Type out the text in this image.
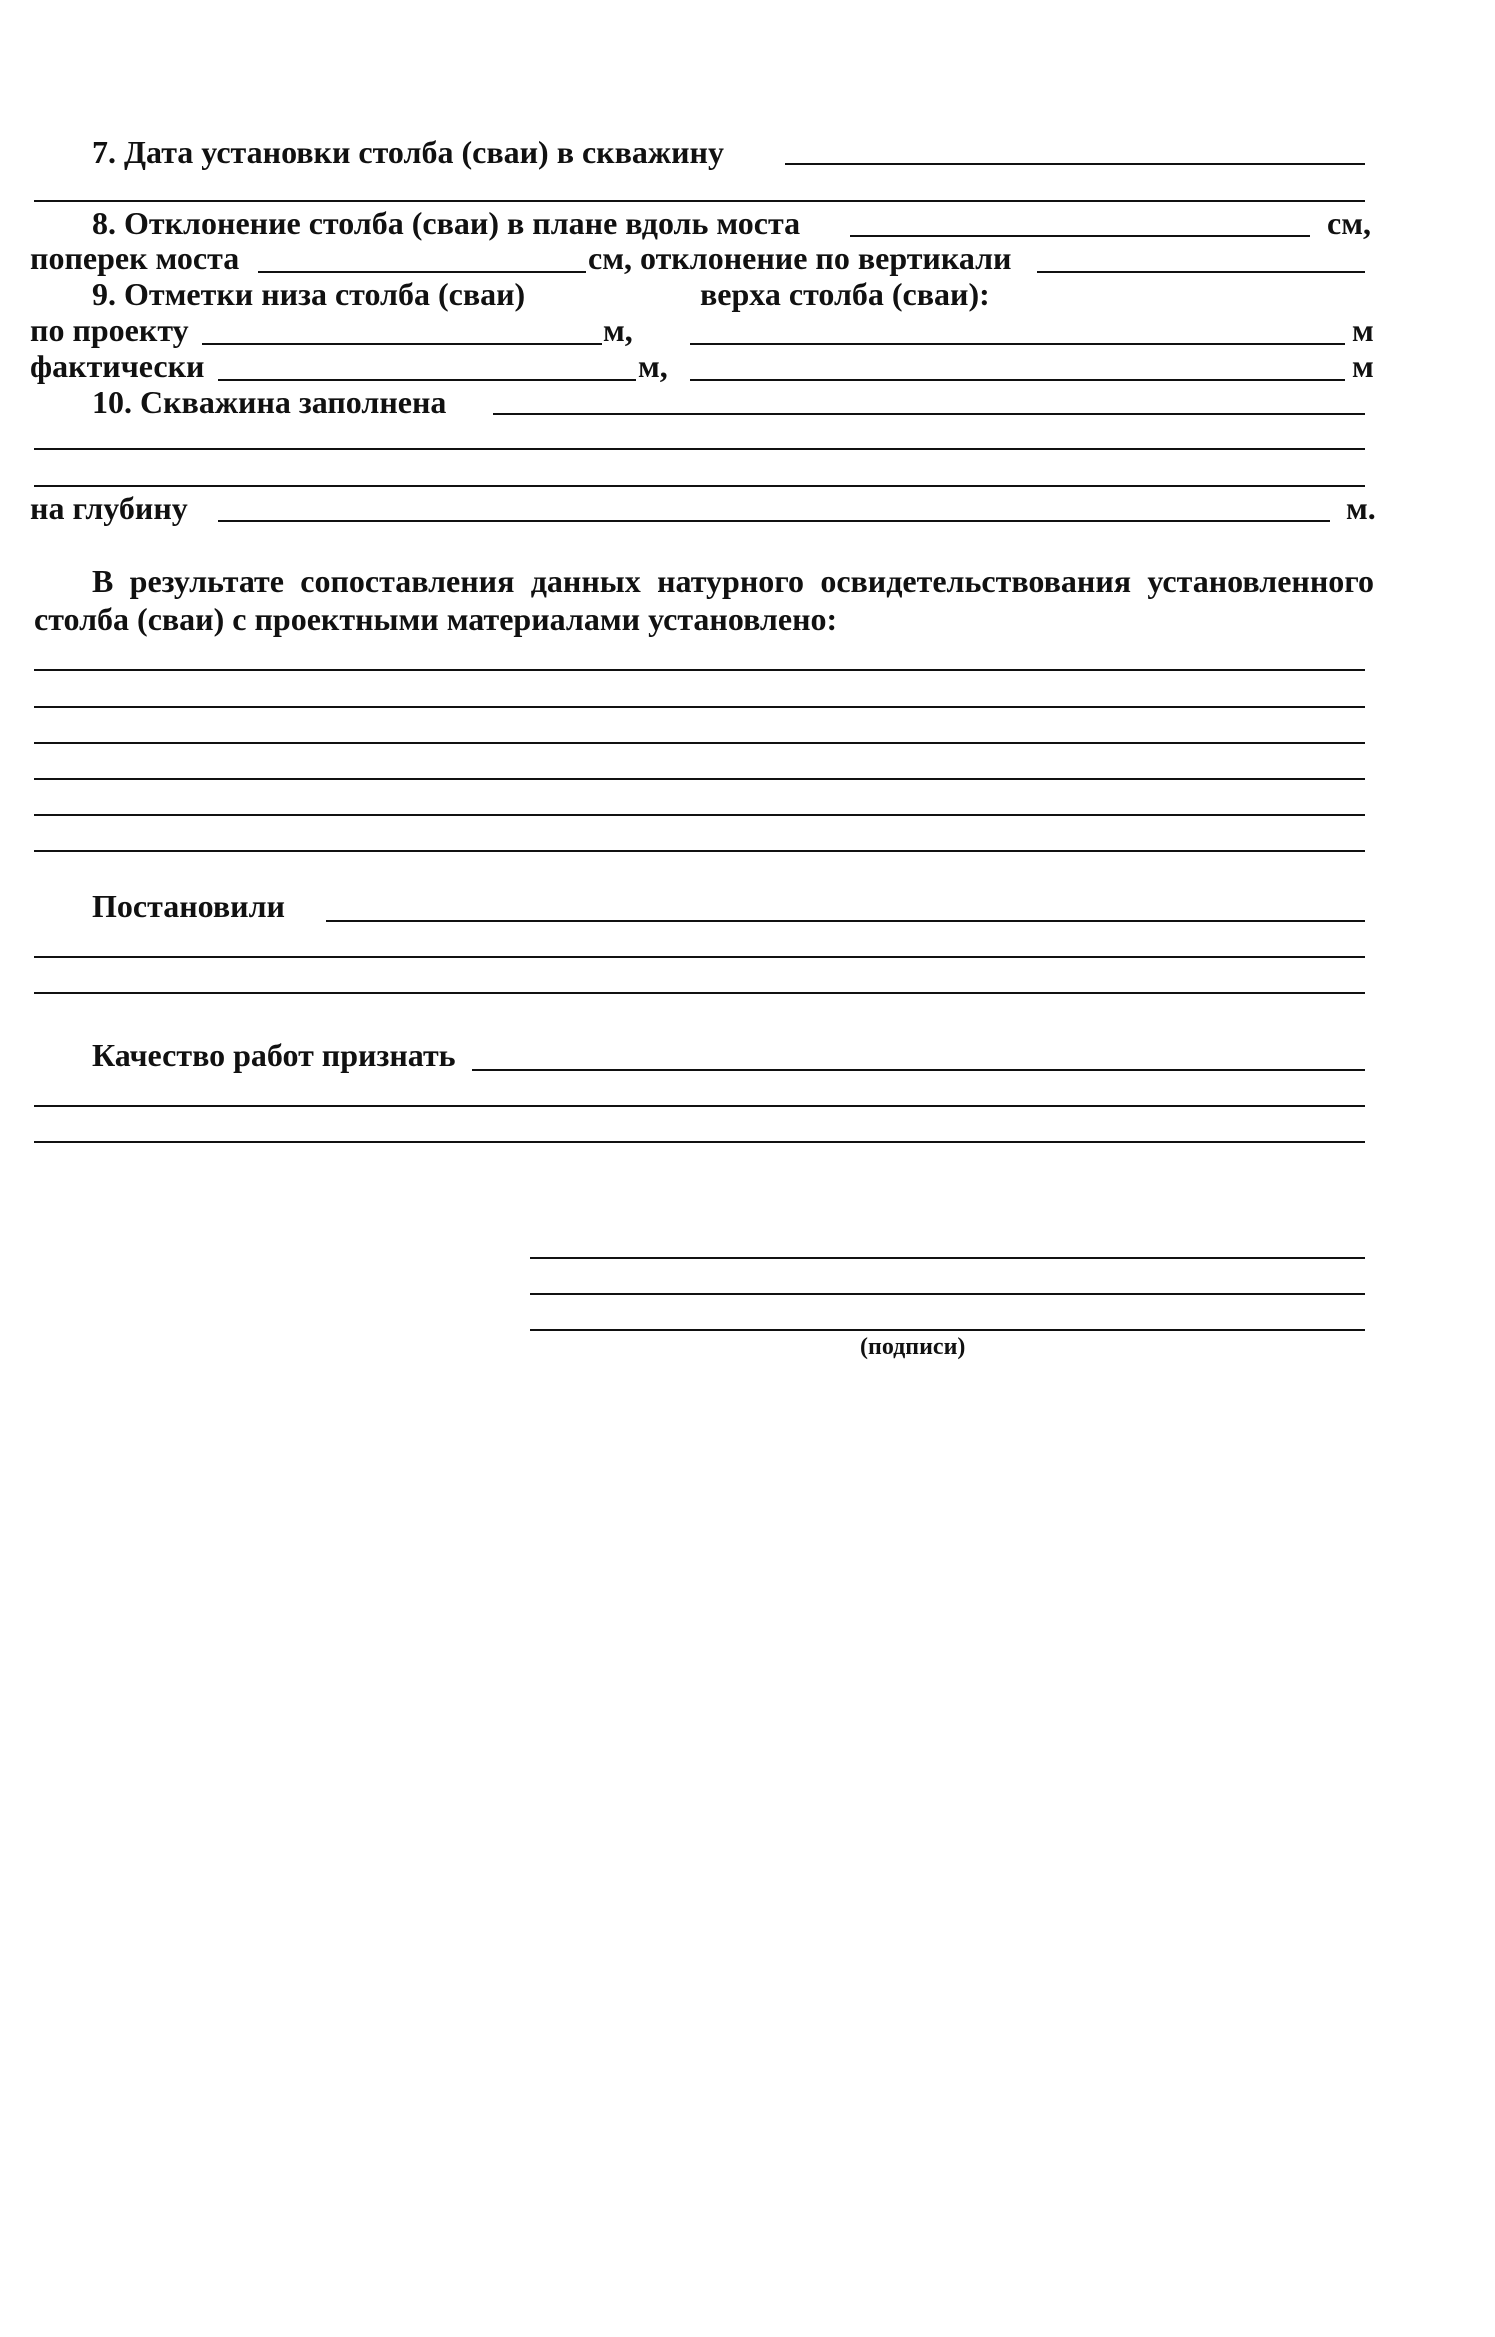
7. Дата установки столба (сваи) в скважину
8. Отклонение столба (сваи) в плане вдоль моста	см,
поперек моста	см, отклонение по вертикали
9. Отметки низа столба (сваи)	верха столба (сваи):
по проекту	м,	м
фактически	м,	м
10. Скважина заполнена
на глубину	м.
В результате сопоставления данных натурного освидетельствования установленного столба (сваи) с проектными материалами установлено:
Постановили
Качество работ признать
(подписи)
